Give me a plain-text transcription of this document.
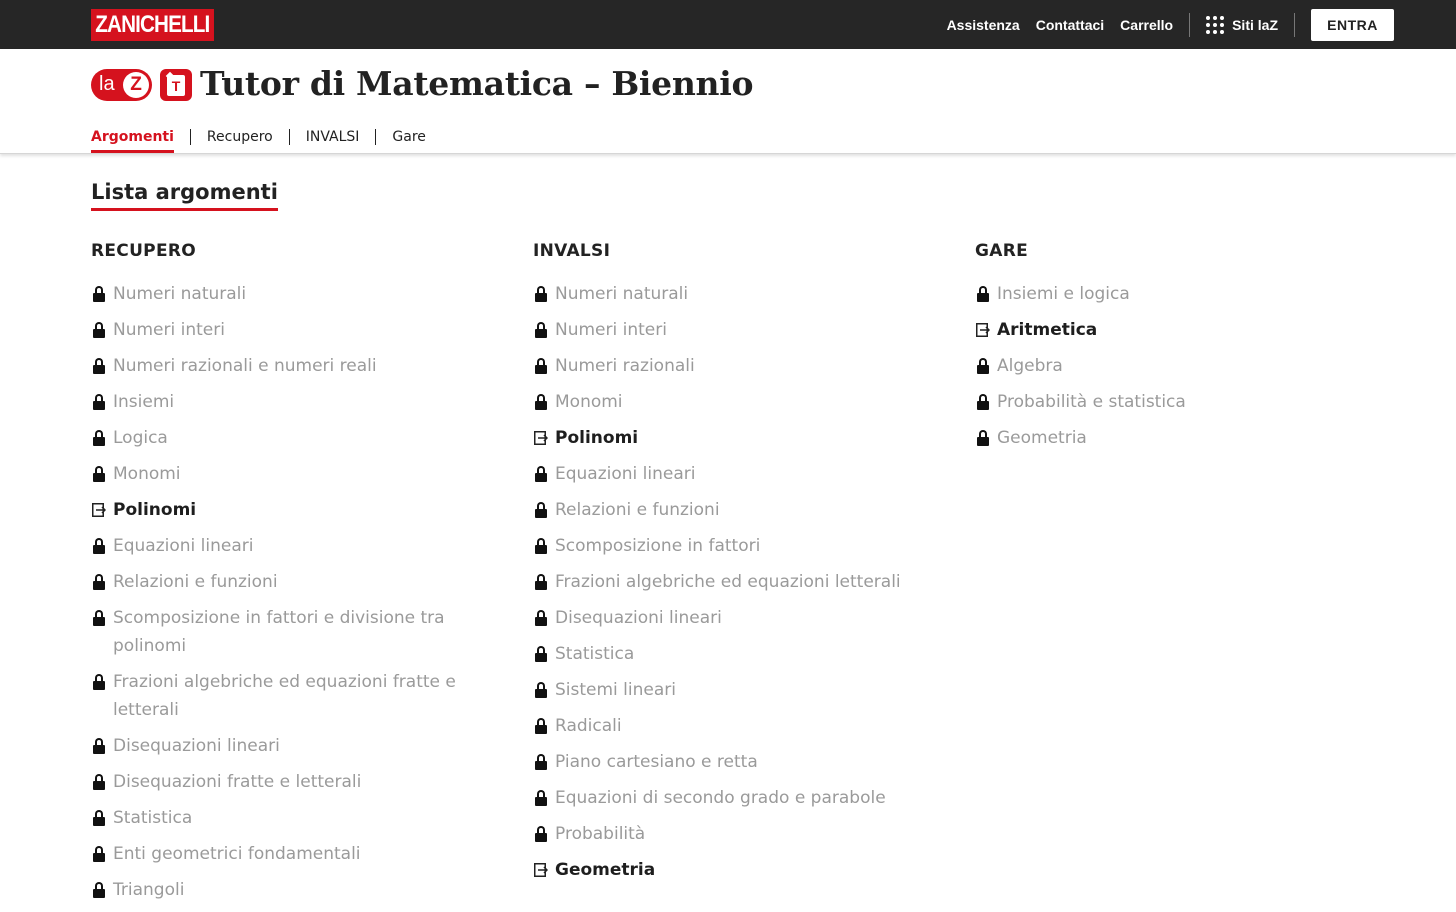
ZANICHELLI	Assistenza Contattaci Carrello	Siti laZ	ENTRA
la Z	T Tutor di Matematica – Biennio
Argomenti Recupero INVALSI Gare
Lista argomenti
RECUPERO
Numeri naturali
Numeri interi
Numeri razionali e numeri reali
Insiemi
Logica
Monomi
Polinomi
Equazioni lineari
Relazioni e funzioni
Scomposizione in fattori e divisione tra polinomi
Frazioni algebriche ed equazioni fratte e letterali
Disequazioni lineari
Disequazioni fratte e letterali
Statistica
Enti geometrici fondamentali
Triangoli
INVALSI
Numeri naturali
Numeri interi
Numeri razionali
Monomi
Polinomi
Equazioni lineari
Relazioni e funzioni
Scomposizione in fattori
Frazioni algebriche ed equazioni letterali
Disequazioni lineari
Statistica
Sistemi lineari
Radicali
Piano cartesiano e retta
Equazioni di secondo grado e parabole
Probabilità
Geometria
GARE
Insiemi e logica
Aritmetica
Algebra
Probabilità e statistica
Geometria
